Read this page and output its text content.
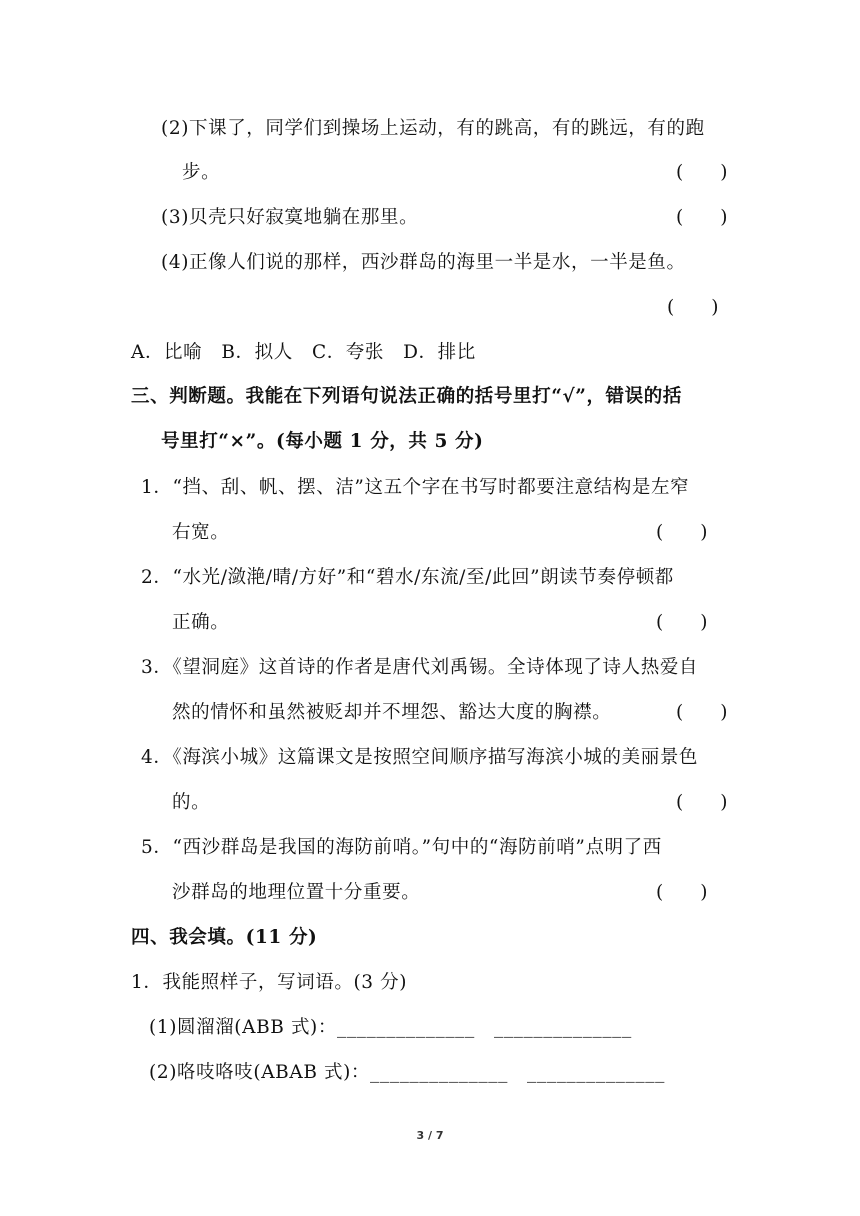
(2)下课了，同学们到操场上运动，有的跳高，有的跳远，有的跑
步。	(　　)
(3)贝壳只好寂寞地躺在那里。	(　　)
(4)正像人们说的那样，西沙群岛的海里一半是水，一半是鱼。
(　　)
A．比喻　B．拟人　C．夸张　D．排比
三、判断题。我能在下列语句说法正确的括号里打“√”，错误的括
号里打“×”。(每小题 1 分，共 5 分)
1．“挡、刮、帆、摆、洁”这五个字在书写时都要注意结构是左窄
右宽。	(　　)
2．“水光/潋滟/晴/方好”和“碧水/东流/至/此回”朗读节奏停顿都
正确。	(　　)
3．《望洞庭》这首诗的作者是唐代刘禹锡。全诗体现了诗人热爱自
然的情怀和虽然被贬却并不埋怨、豁达大度的胸襟。	(　　)
4．《海滨小城》这篇课文是按照空间顺序描写海滨小城的美丽景色
的。	(　　)
5．“西沙群岛是我国的海防前哨。”句中的“海防前哨”点明了西
沙群岛的地理位置十分重要。	(　　)
四、我会填。(11 分)
1．我能照样子，写词语。(3 分)
(1)圆溜溜(ABB 式)：______________　______________
(2)咯吱咯吱(ABAB 式)：______________　______________
3 / 7
